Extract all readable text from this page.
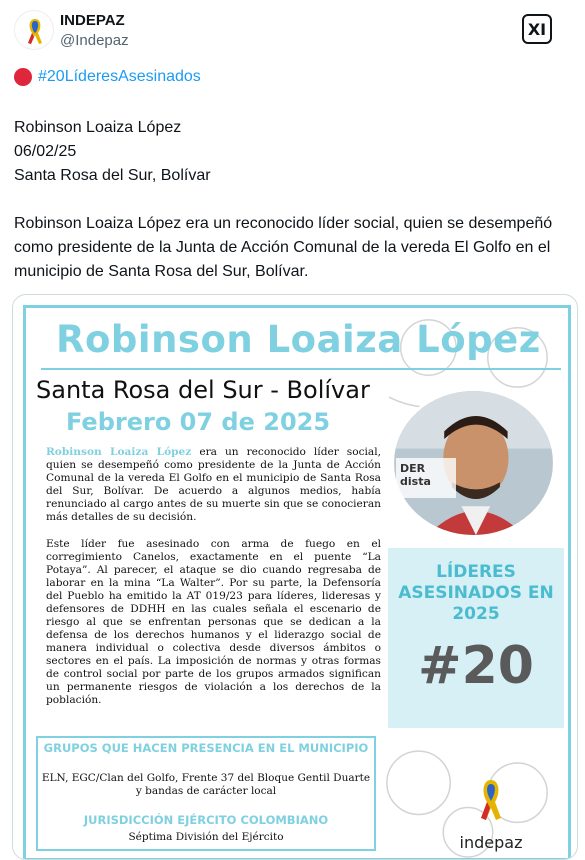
INDEPAZ
@Indepaz
XI
#20LíderesAsesinados

Robinson Loaiza López

06/02/25

Santa Rosa del Sur, Bolívar

Robinson Loaiza López era un reconocido líder social, quien se desempeñó como presidente de la Junta de Acción Comunal de la vereda El Golfo en el municipio de Santa Rosa del Sur, Bolívar.

Robinson Loaiza López
Santa Rosa del Sur - Bolívar
Febrero 07 de 2025

Robinson Loaiza López era un reconocido líder social, quien se desempeñó como presidente de la Junta de Acción Comunal de la vereda El Golfo en el municipio de Santa Rosa del Sur, Bolívar. De acuerdo a algunos medios, había renunciado al cargo antes de su muerte sin que se conocieran más detalles de su decisión.

Este líder fue asesinado con arma de fuego en el corregimiento Canelos, exactamente en el puente “La Potaya”. Al parecer, el ataque se dio cuando regresaba de laborar en la mina “La Walter”. Por su parte, la Defensoría del Pueblo ha emitido la AT 019/23 para líderes, lideresas y defensores de DDHH en las cuales señala el escenario de riesgo al que se enfrentan personas que se dedican a la defensa de los derechos humanos y el liderazgo social de manera individual o colectiva desde diversos ámbitos o sectores en el país. La imposición de normas y otras formas de control social por parte de los grupos armados significan un permanente riesgos de violación a los derechos de la población.

DER dista
LÍDERES ASESINADOS EN 2025
#20
GRUPOS QUE HACEN PRESENCIA EN EL MUNICIPIO
ELN, EGC/Clan del Golfo, Frente 37 del Bloque Gentil Duarte y bandas de carácter local
JURISDICCIÓN EJÉRCITO COLOMBIANO
Séptima División del Ejército	indepaz
